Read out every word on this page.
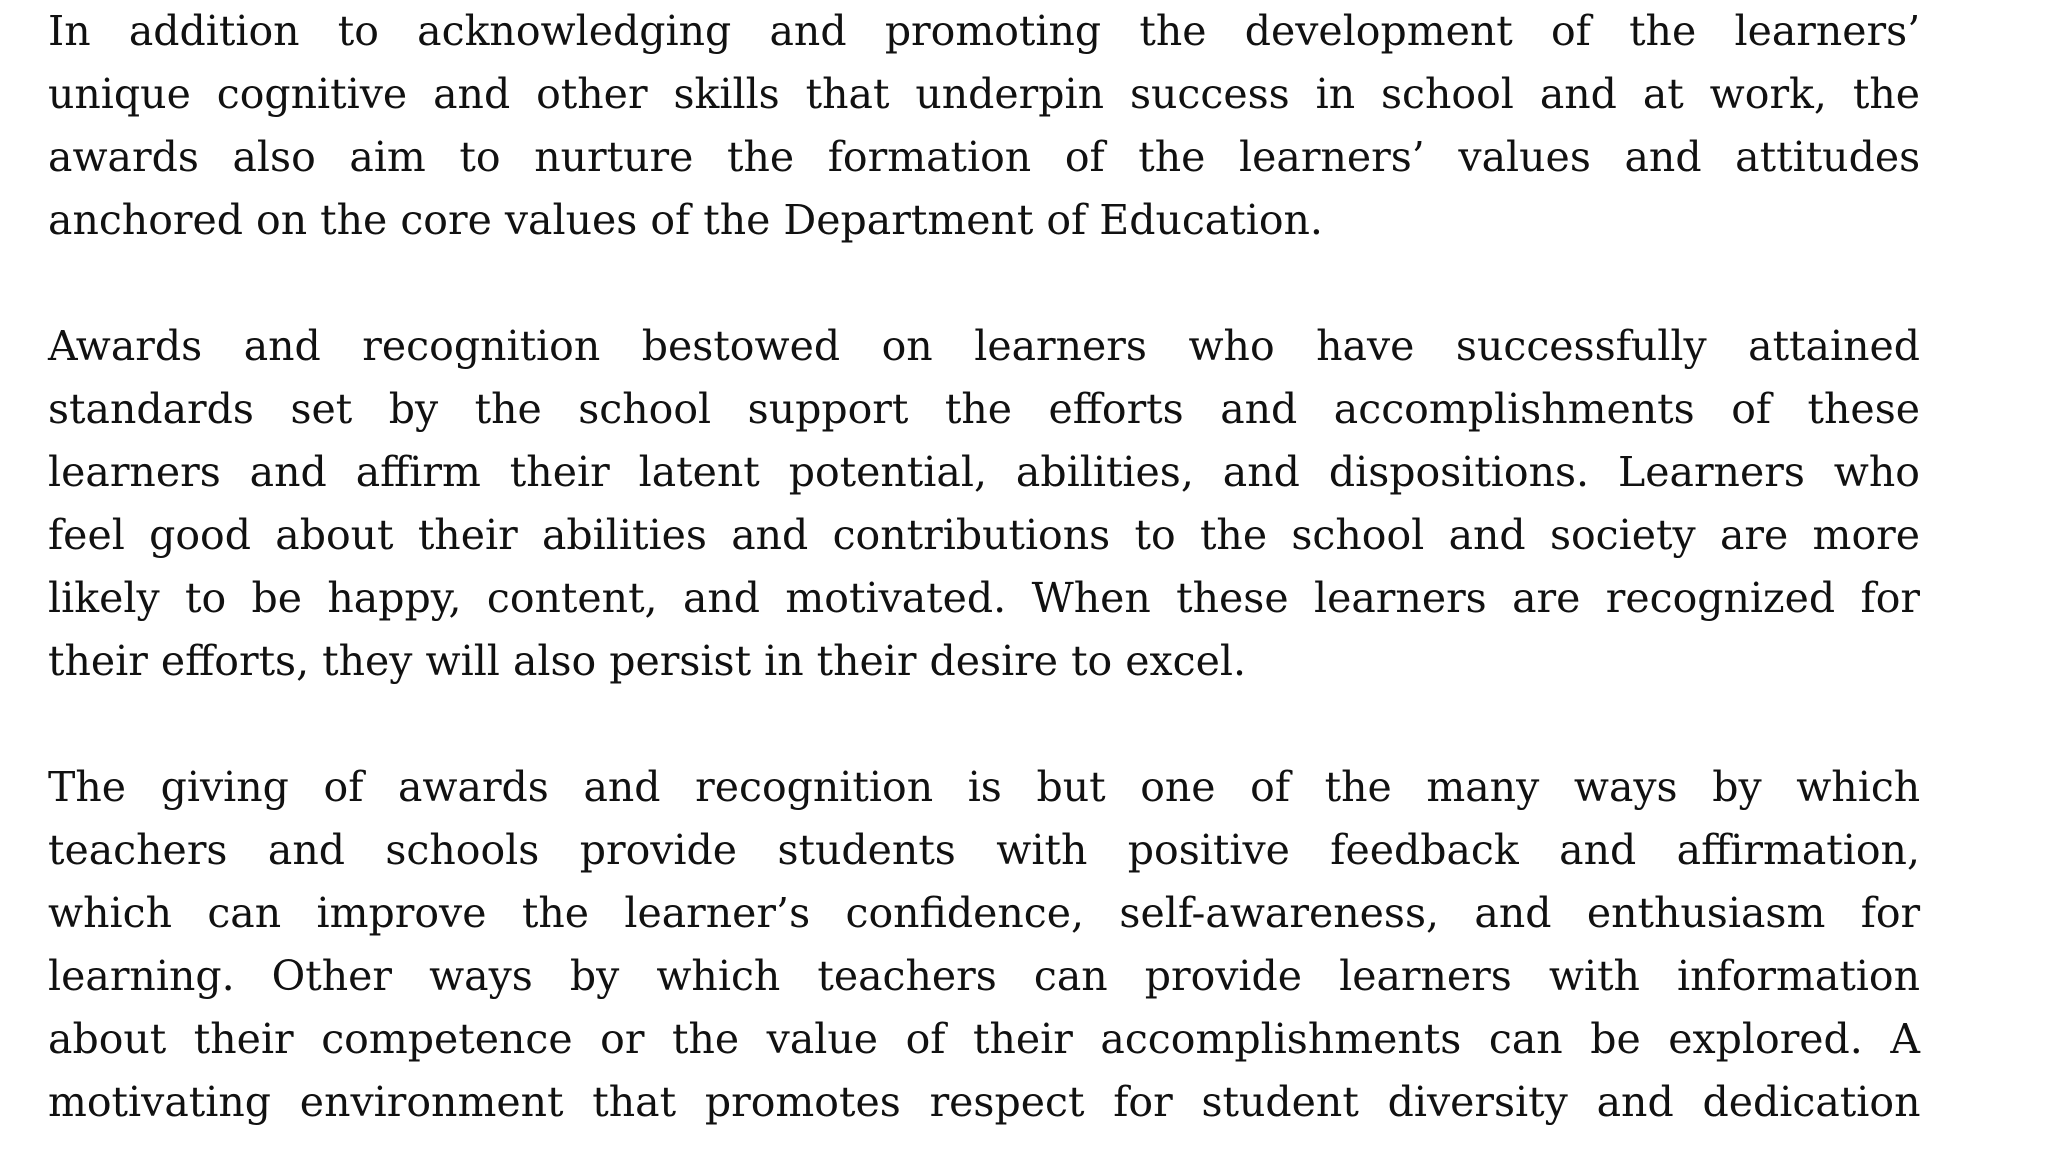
In addition to acknowledging and promoting the development of the learners’
unique cognitive and other skills that underpin success in school and at work, the
awards also aim to nurture the formation of the learners’ values and attitudes
anchored on the core values of the Department of Education.

Awards and recognition bestowed on learners who have successfully attained
standards set by the school support the efforts and accomplishments of these
learners and affirm their latent potential, abilities, and dispositions. Learners who
feel good about their abilities and contributions to the school and society are more
likely to be happy, content, and motivated. When these learners are recognized for
their efforts, they will also persist in their desire to excel.

The giving of awards and recognition is but one of the many ways by which
teachers and schools provide students with positive feedback and affirmation,
which can improve the learner’s confidence, self-awareness, and enthusiasm for
learning. Other ways by which teachers can provide learners with information
about their competence or the value of their accomplishments can be explored. A
motivating environment that promotes respect for student diversity and dedication
